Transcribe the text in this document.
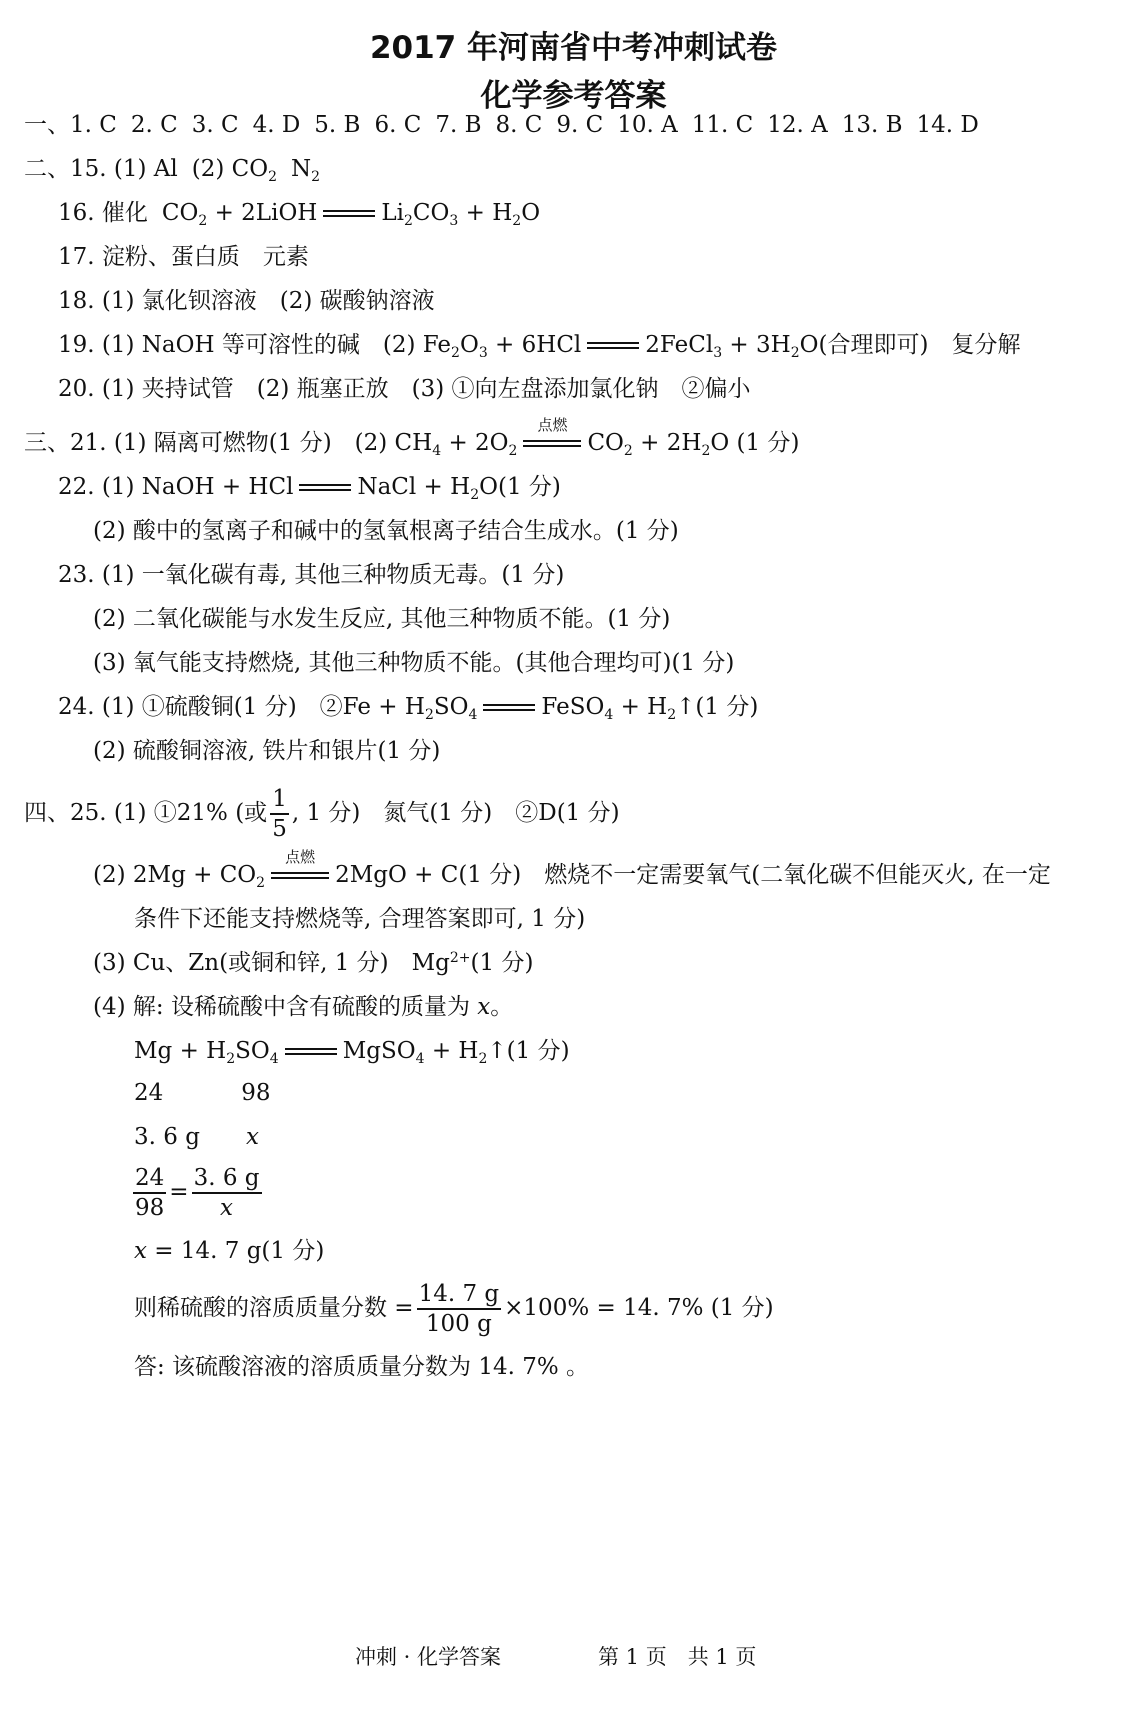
2017 年河南省中考冲刺试卷
化学参考答案
一、1. C 2. C 3. C 4. D 5. B 6. C 7. B 8. C 9. C 10. A 11. C 12. A 13. B 14. D
二、15. (1) Al (2) $CO_2$ $N_2$
16. 催化 $CO_2$ + 2LiOH	$Li_2CO_3 + H_2O$
17. 淀粉、蛋白质　元素
18. (1) 氯化钡溶液　(2) 碳酸钠溶液
19. (1) NaOH 等可溶性的碱　(2) $Fe_2O_3 + 6HCl$	2FeCl$_3$ + $3H_2O$(合理即可)　复分解
20. (1) 夹持试管　(2) 瓶塞正放　(3) ①向左盘添加氯化钠　②偏小
三、21. (1) 隔离可燃物(1 分)　(2) $CH_4 + 2O_2$
点燃
$CO_2 + 2H_2O$ (1 分)
22. (1) NaOH + HCl	NaCl + $H_2O(1$ 分)
(2) 酸中的氢离子和碱中的氢氧根离子结合生成水。(1 分)
23. (1) 一氧化碳有毒, 其他三种物质无毒。(1 分)
(2) 二氧化碳能与水发生反应, 其他三种物质不能。(1 分)
(3) 氧气能支持燃烧, 其他三种物质不能。(其他合理均可)(1 分)
24. (1) ①硫酸铜(1 分)　②Fe + $H_2SO_4$	FeSO$_4$ + $H_2↑(1$ 分)
(2) 硫酸铜溶液, 铁片和银片(1 分)
四、25. (1) ①21% (或 $\frac{1}{5}$ , 1 分)　氮气(1 分)　②D(1 分)
(2) $2Mg + CO_2$
点燃
2MgO + C(1 分)　燃烧不一定需要氧气(二氧化碳不但能灭火, 在一定
条件下还能支持燃烧等, 合理答案即可, 1 分)
(3) Cu、Zn(或铜和锌, 1 分)　$Mg^{2+}(1$ 分)
(4) 解: 设稀硫酸中含有硫酸的质量为 x。
$Mg + H_2SO_4$	MgSO$_4$ + $H_2↑(1$ 分)
24	98
3. 6 g x
$\frac{24}{98} = \frac{3. 6 g}{x}$
x = 14. 7 g(1 分)
则稀硫酸的溶质质量分数 = $\frac{14. 7 g}{100 g} \times 100\% = 14$. 7% (1 分)
答: 该硫酸溶液的溶质质量分数为 14. 7% 。
冲刺 · 化学答案	第 1 页　共 1 页
